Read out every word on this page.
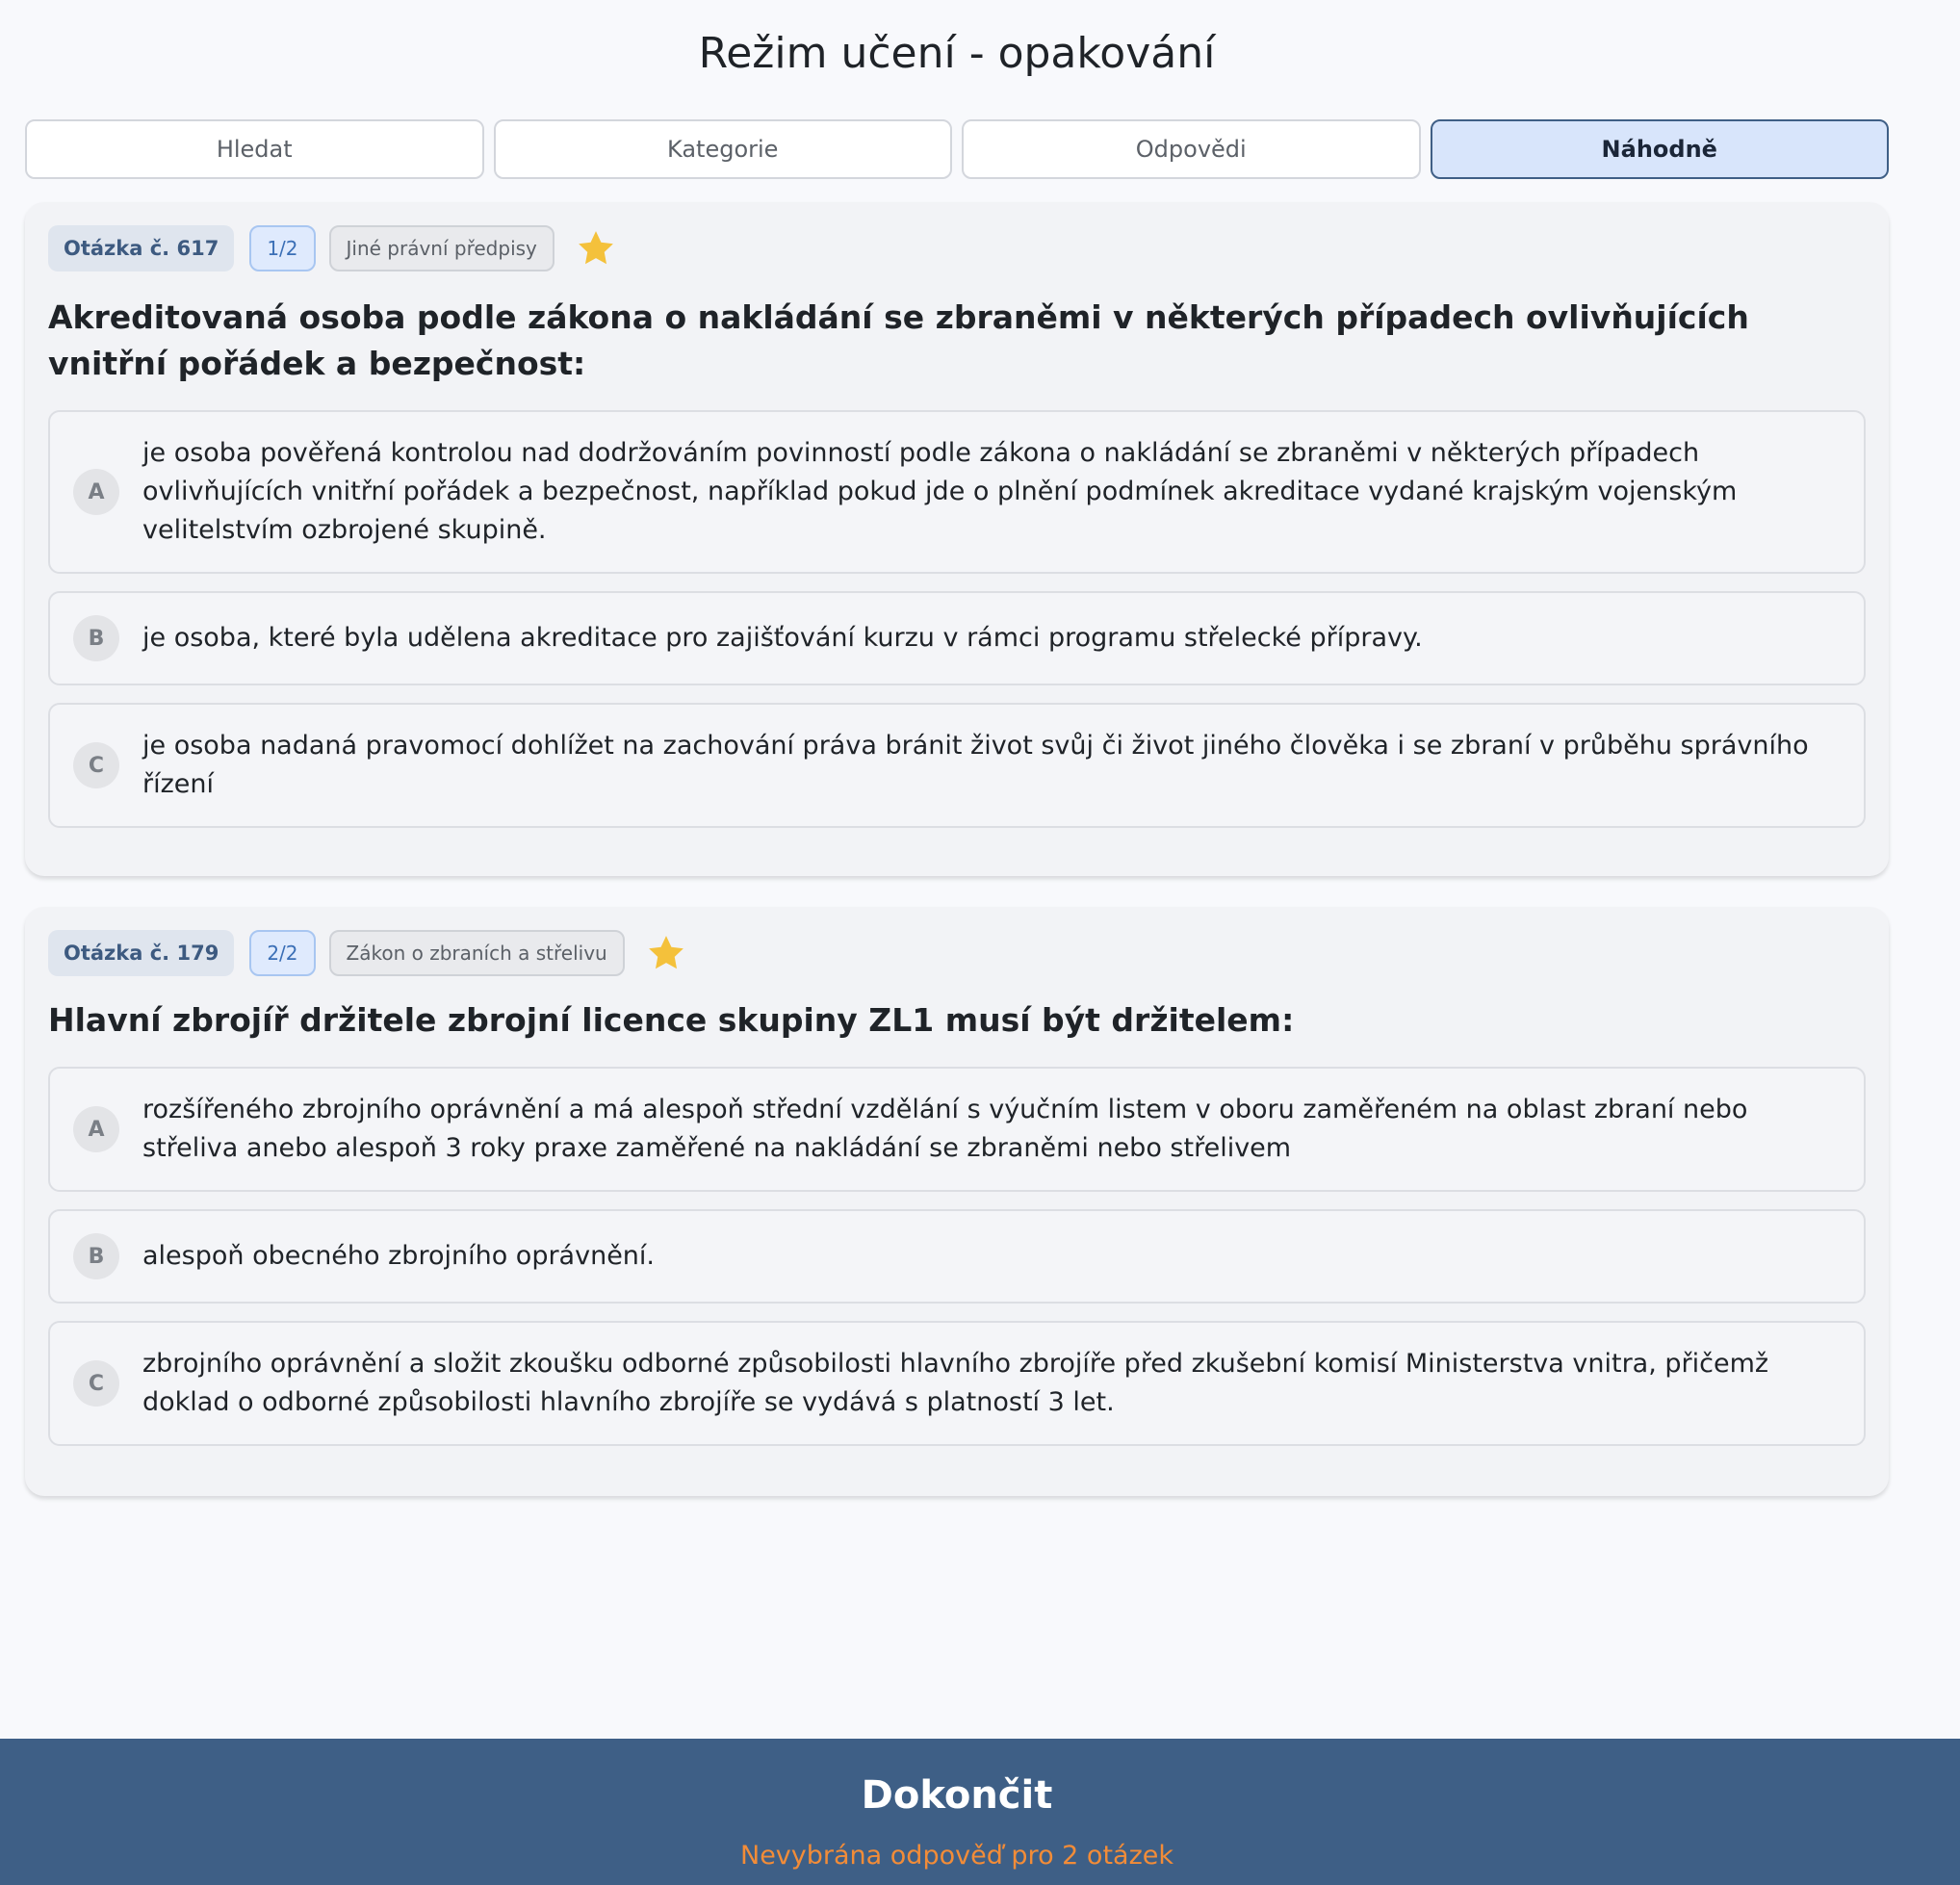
Režim učení - opakování
Hledat	Kategorie	Odpovědi	Náhodně
Otázka č. 617	1/2	Jiné právní předpisy
Akreditovaná osoba podle zákona o nakládání se zbraněmi v některých případech ovlivňujících vnitřní pořádek a bezpečnost:
A
je osoba pověřená kontrolou nad dodržováním povinností podle zákona o nakládání se zbraněmi v některých případech ovlivňujících vnitřní pořádek a bezpečnost, například pokud jde o plnění podmínek akreditace vydané krajským vojenským velitelstvím ozbrojené skupině.
B	je osoba, které byla udělena akreditace pro zajišťování kurzu v rámci programu střelecké přípravy.
C
je osoba nadaná pravomocí dohlížet na zachování práva bránit život svůj či život jiného člověka i se zbraní v průběhu správního řízení
Otázka č. 179	2/2	Zákon o zbraních a střelivu
Hlavní zbrojíř držitele zbrojní licence skupiny ZL1 musí být držitelem:
A
rozšířeného zbrojního oprávnění a má alespoň střední vzdělání s výučním listem v oboru zaměřeném na oblast zbraní nebo střeliva anebo alespoň 3 roky praxe zaměřené na nakládání se zbraněmi nebo střelivem
B	alespoň obecného zbrojního oprávnění.
C
zbrojního oprávnění a složit zkoušku odborné způsobilosti hlavního zbrojíře před zkušební komisí Ministerstva vnitra, přičemž doklad o odborné způsobilosti hlavního zbrojíře se vydává s platností 3 let.
Dokončit
Nevybrána odpověď pro 2 otázek
